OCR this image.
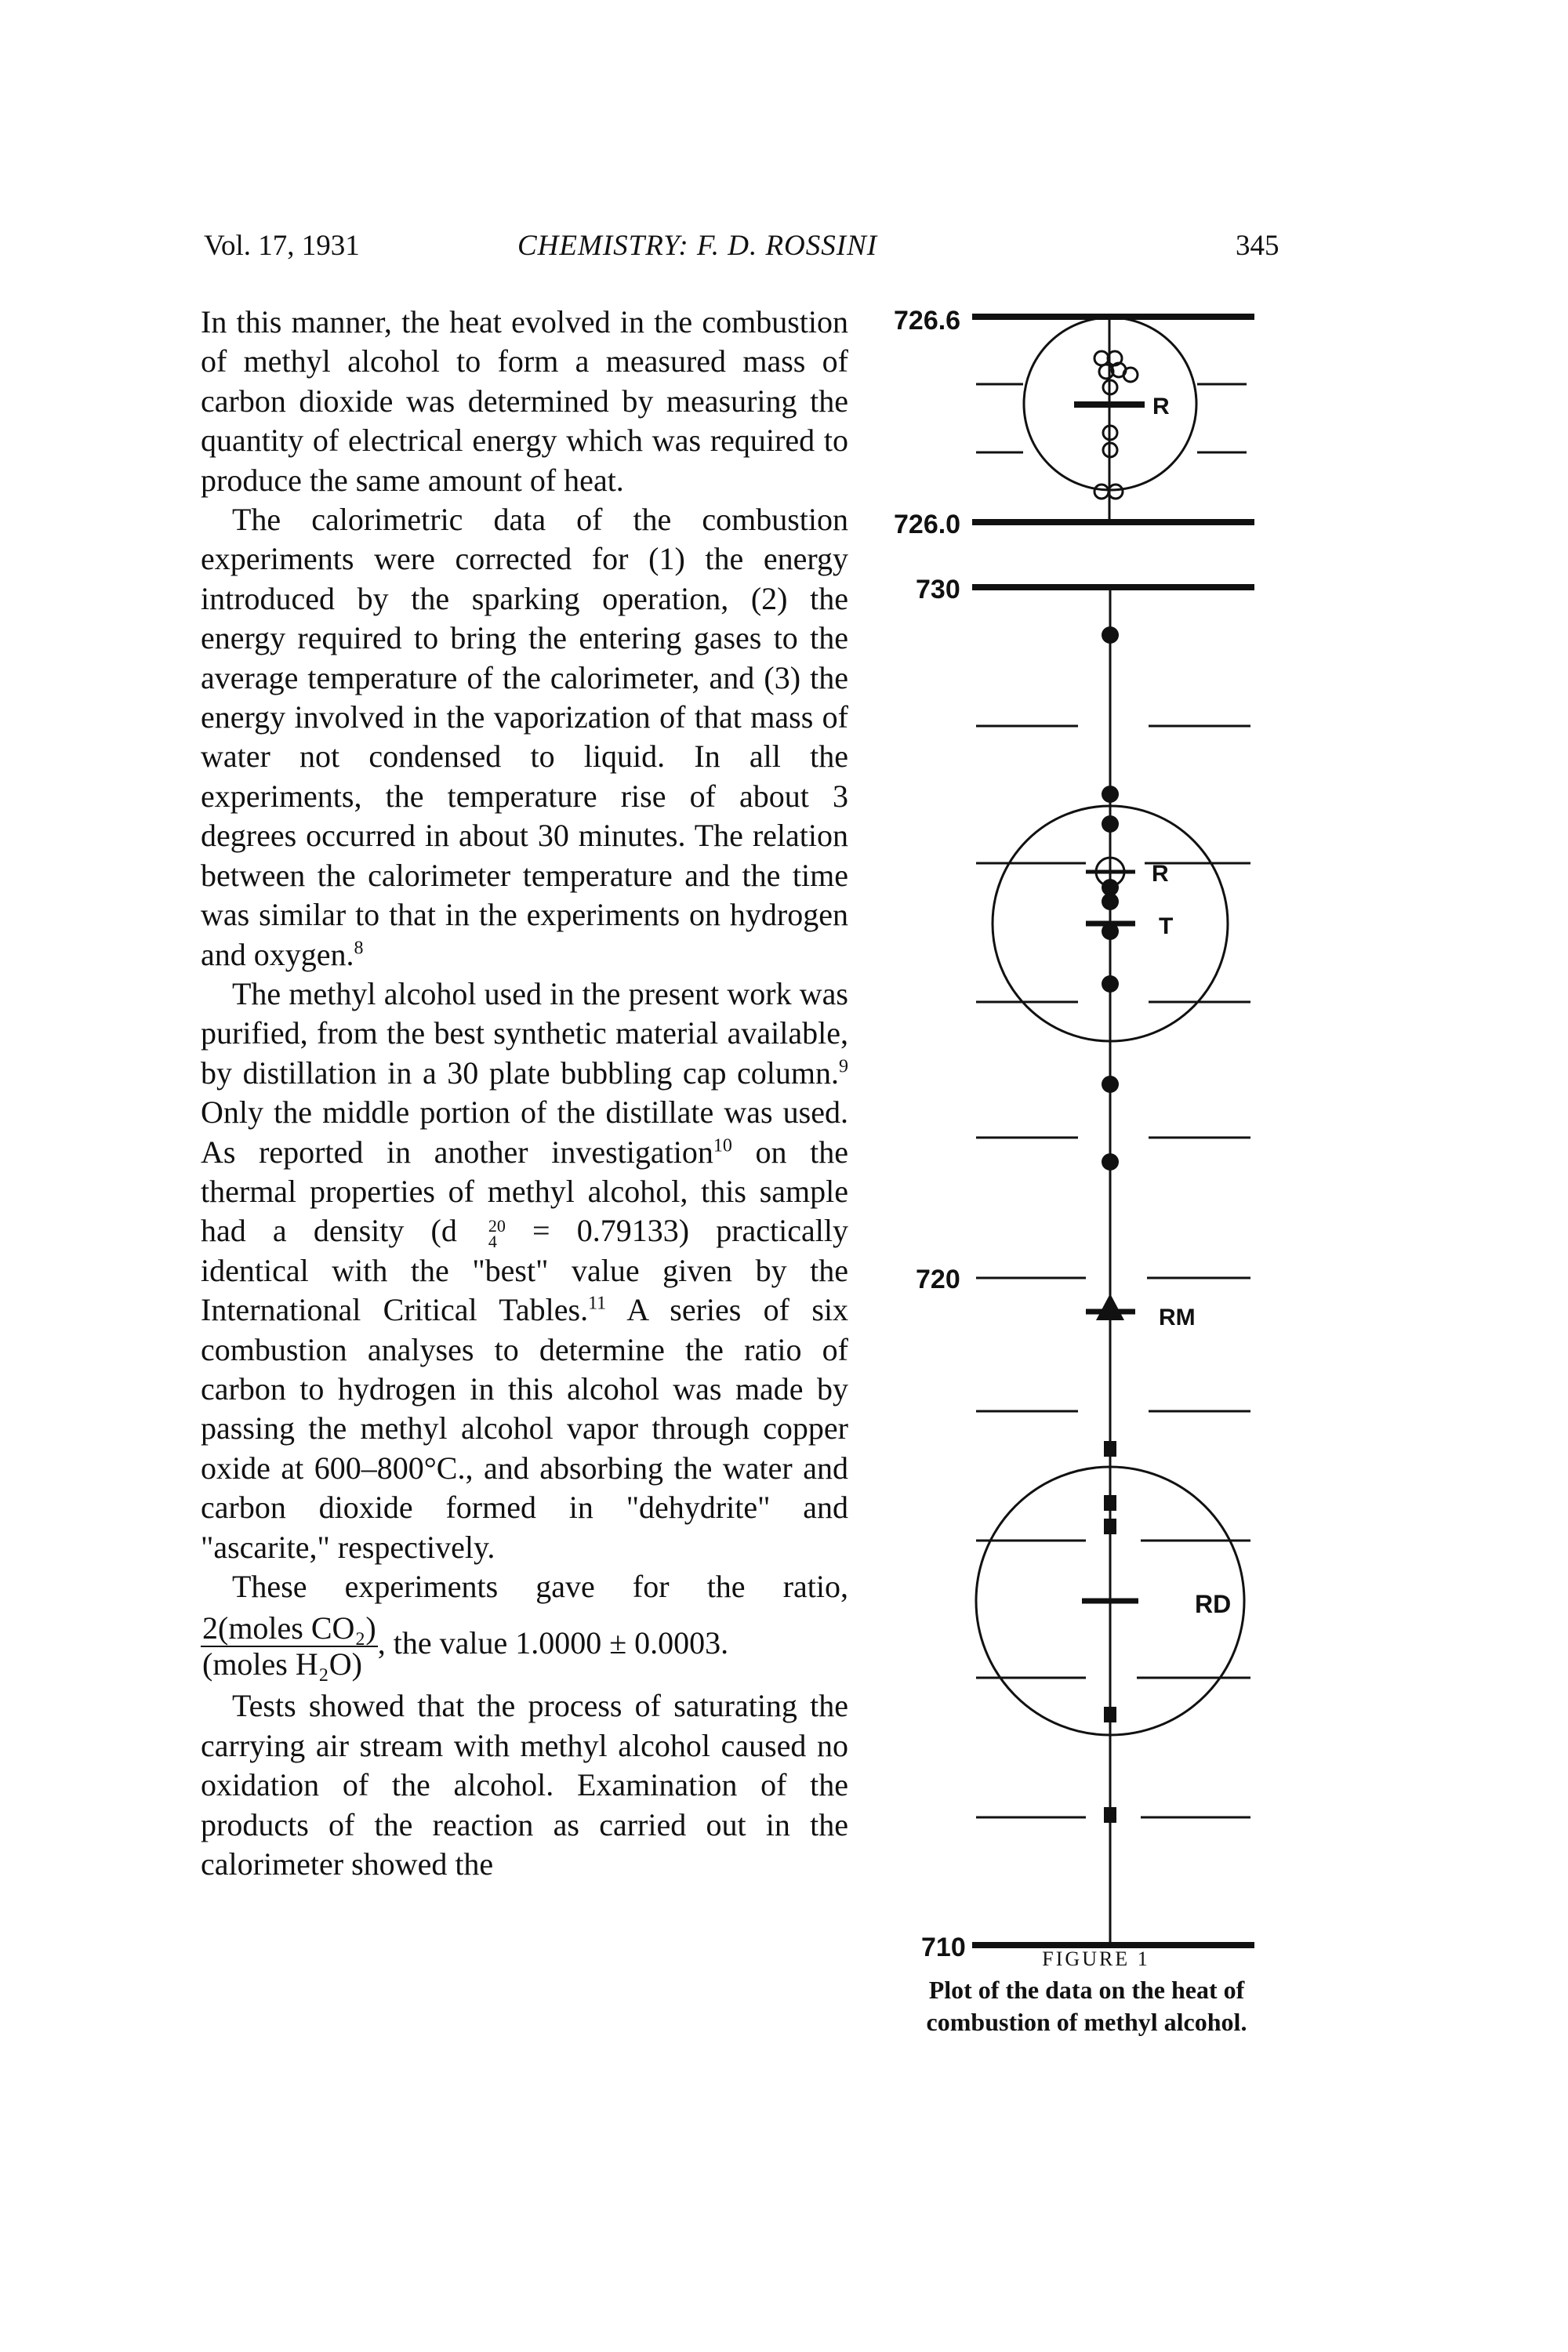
Vol. 17, 1931	CHEMISTRY: F. D. ROSSINI	345

In this manner, the heat evolved in the combustion of methyl alcohol to form a measured mass of carbon dioxide was determined by measuring the quantity of electrical energy which was required to produce the same amount of heat.

The calorimetric data of the combustion experiments were corrected for (1) the energy introduced by the sparking operation, (2) the energy required to bring the entering gases to the average temperature of the calorimeter, and (3) the energy involved in the vaporization of that mass of water not condensed to liquid. In all the experiments, the temperature rise of about 3 degrees occurred in about 30 minutes. The relation between the calorimeter temperature and the time was similar to that in the experiments on hydrogen and oxygen.$^8$

The methyl alcohol used in the present work was purified, from the best synthetic material available, by distillation in a 30 plate bubbling cap column.$^9$ Only the middle portion of the distillate was used. As reported in another investigation$^{10}$ on the thermal properties of methyl alcohol, this sample had a density (d	20
4 = 0.79133) practically identical with the "best" value given by the International Critical Tables.$^{11}$ A series of six combustion analyses to determine the ratio of carbon to hydrogen in this alcohol was made by passing the methyl alcohol vapor through copper oxide at 600–800°C., and absorbing the water and carbon dioxide formed in "dehydrite" and "ascarite," respectively.

These experiments gave for the ratio,
$\frac{\text{2(moles CO₂)}}{\text{(moles H₂O)}}$ , the value 1.0000 ± 0.0003.

Tests showed that the process of saturating the carrying air stream with methyl alcohol caused no oxidation of the alcohol. Examination of the products of the reaction as carried out in the calorimeter showed the

726.6
726.0
730
720
710
R
R
T
RM
RD
FIGURE 1
Plot of the data on the heat of combustion of methyl alcohol.
